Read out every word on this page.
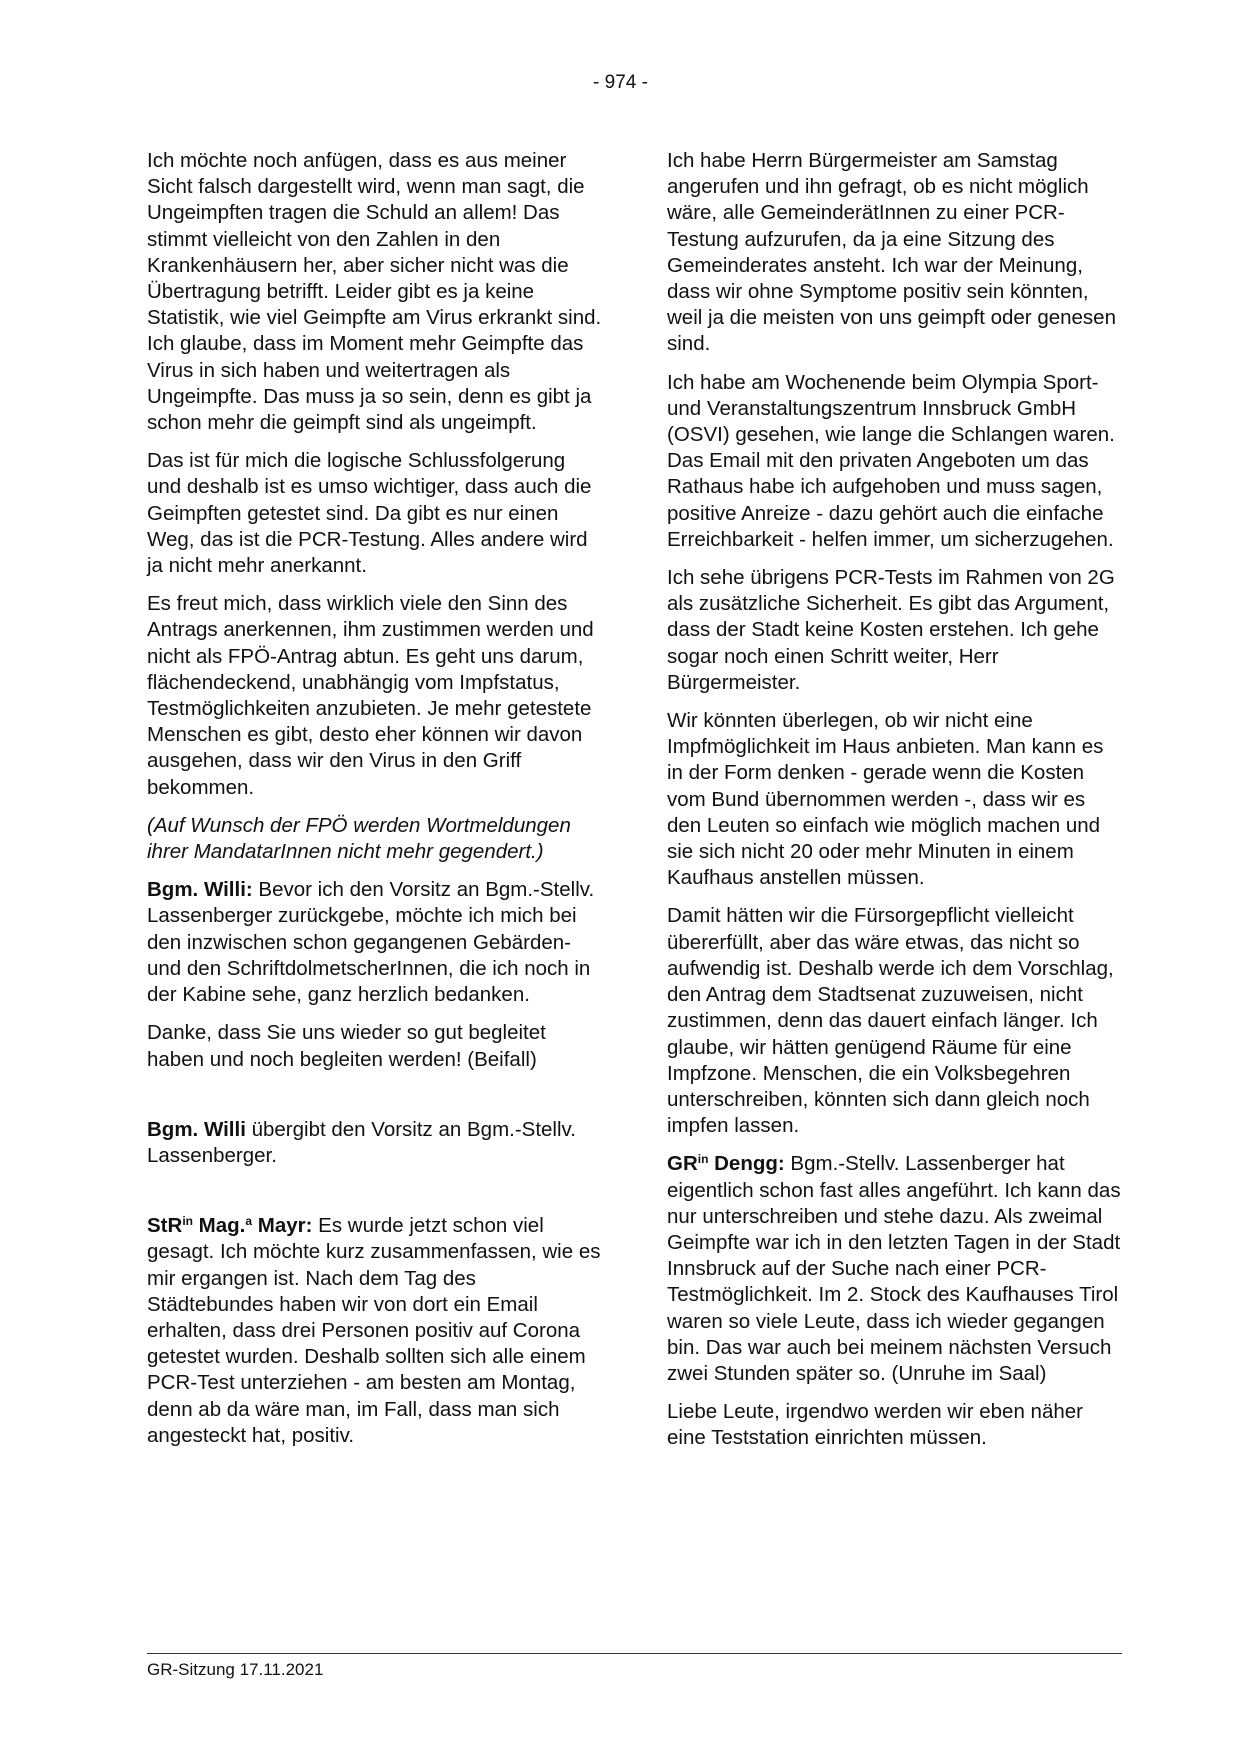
- 974 -

Ich möchte noch anfügen, dass es aus meiner Sicht falsch dargestellt wird, wenn man sagt, die Ungeimpften tragen die Schuld an allem! Das stimmt vielleicht von den Zahlen in den Krankenhäusern her, aber sicher nicht was die Übertragung betrifft. Leider gibt es ja keine Statistik, wie viel Geimpfte am Virus erkrankt sind. Ich glaube, dass im Moment mehr Geimpfte das Virus in sich haben und weitertragen als Ungeimpfte. Das muss ja so sein, denn es gibt ja schon mehr die geimpft sind als ungeimpft.

Das ist für mich die logische Schlussfolgerung und deshalb ist es umso wichtiger, dass auch die Geimpften getestet sind. Da gibt es nur einen Weg, das ist die PCR-Testung. Alles andere wird ja nicht mehr anerkannt.

Es freut mich, dass wirklich viele den Sinn des Antrags anerkennen, ihm zustimmen werden und nicht als FPÖ-Antrag abtun. Es geht uns darum, flächendeckend, unabhängig vom Impfstatus, Testmöglichkeiten anzubieten. Je mehr getestete Menschen es gibt, desto eher können wir davon ausgehen, dass wir den Virus in den Griff bekommen.

(Auf Wunsch der FPÖ werden Wortmeldungen ihrer MandatarInnen nicht mehr gegendert.)

Bgm. Willi: Bevor ich den Vorsitz an Bgm.-Stellv. Lassenberger zurückgebe, möchte ich mich bei den inzwischen schon gegangenen Gebärden- und den SchriftdolmetscherInnen, die ich noch in der Kabine sehe, ganz herzlich bedanken.

Danke, dass Sie uns wieder so gut begleitet haben und noch begleiten werden! (Beifall)

Bgm. Willi übergibt den Vorsitz an Bgm.-Stellv. Lassenberger.

StR$^{in}$ Mag.$^a$ Mayr: Es wurde jetzt schon viel gesagt. Ich möchte kurz zusammenfassen, wie es mir ergangen ist. Nach dem Tag des Städtebundes haben wir von dort ein Email erhalten, dass drei Personen positiv auf Corona getestet wurden. Deshalb sollten sich alle einem PCR-Test unterziehen - am besten am Montag, denn ab da wäre man, im Fall, dass man sich angesteckt hat, positiv.

Ich habe Herrn Bürgermeister am Samstag angerufen und ihn gefragt, ob es nicht möglich wäre, alle GemeinderätInnen zu einer PCR-Testung aufzurufen, da ja eine Sitzung des Gemeinderates ansteht. Ich war der Meinung, dass wir ohne Symptome positiv sein könnten, weil ja die meisten von uns geimpft oder genesen sind.

Ich habe am Wochenende beim Olympia Sport- und Veranstaltungszentrum Innsbruck GmbH (OSVI) gesehen, wie lange die Schlangen waren. Das Email mit den privaten Angeboten um das Rathaus habe ich aufgehoben und muss sagen, positive Anreize - dazu gehört auch die einfache Erreichbarkeit - helfen immer, um sicherzugehen.

Ich sehe übrigens PCR-Tests im Rahmen von 2G als zusätzliche Sicherheit. Es gibt das Argument, dass der Stadt keine Kosten erstehen. Ich gehe sogar noch einen Schritt weiter, Herr Bürgermeister.

Wir könnten überlegen, ob wir nicht eine Impfmöglichkeit im Haus anbieten. Man kann es in der Form denken - gerade wenn die Kosten vom Bund übernommen werden -, dass wir es den Leuten so einfach wie möglich machen und sie sich nicht 20 oder mehr Minuten in einem Kaufhaus anstellen müssen.

Damit hätten wir die Fürsorgepflicht vielleicht übererfüllt, aber das wäre etwas, das nicht so aufwendig ist. Deshalb werde ich dem Vorschlag, den Antrag dem Stadtsenat zuzuweisen, nicht zustimmen, denn das dauert einfach länger. Ich glaube, wir hätten genügend Räume für eine Impfzone. Menschen, die ein Volksbegehren unterschreiben, könnten sich dann gleich noch impfen lassen.

$GR^{in}$ Dengg: Bgm.-Stellv. Lassenberger hat eigentlich schon fast alles angeführt. Ich kann das nur unterschreiben und stehe dazu. Als zweimal Geimpfte war ich in den letzten Tagen in der Stadt Innsbruck auf der Suche nach einer PCR-Testmöglichkeit. Im 2. Stock des Kaufhauses Tirol waren so viele Leute, dass ich wieder gegangen bin. Das war auch bei meinem nächsten Versuch zwei Stunden später so. (Unruhe im Saal)

Liebe Leute, irgendwo werden wir eben näher eine Teststation einrichten müssen.

GR-Sitzung 17.11.2021
